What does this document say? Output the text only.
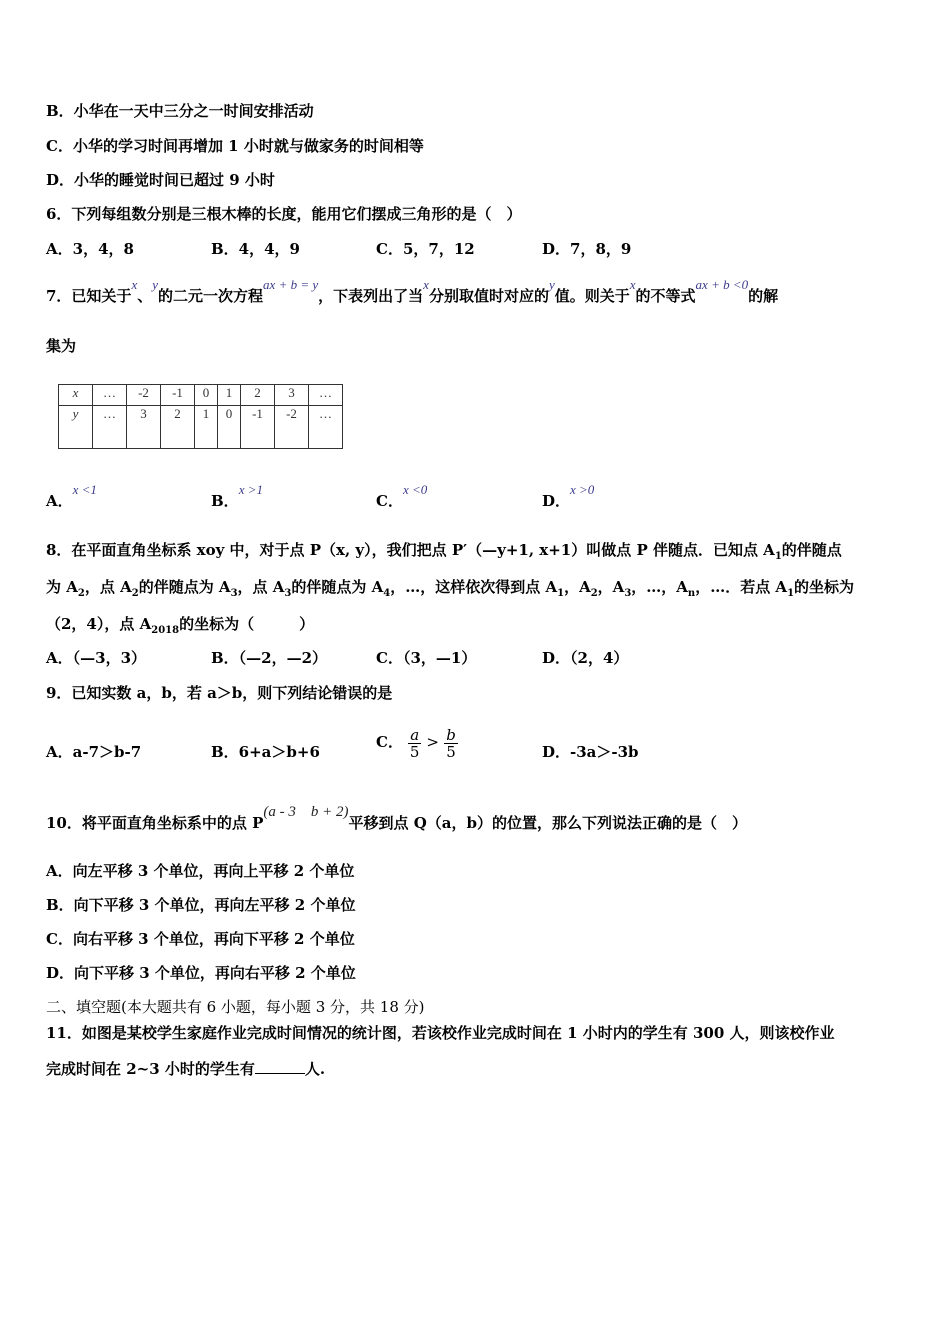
B．小华在一天中三分之一时间安排活动
C．小华的学习时间再增加 1 小时就与做家务的时间相等
D．小华的睡觉时间已超过 9 小时
6．下列每组数分别是三根木棒的长度，能用它们摆成三角形的是（　）
A．3，4，8	B．4，4，9	C．5，7，12	D．7，8，9
7．已知关于x、y的二元一次方程ax + b = y，下表列出了当x分别取值时对应的y值。则关于x的不等式ax + b <0的解
集为
x	…	-2	-1	0	1	2	3	…
y	…	3	2	1	0	-1	-2	…
A．x <1
B．x >1
C．x <0
D．x >0
8．在平面直角坐标系 xoy 中，对于点 P（x, y），我们把点 P′（—y+1, x+1）叫做点 P 伴随点．已知点 $A_1$的伴随点
为 $A_2$，点 $A_2$的伴随点为 $A_3$，点 $A_3$的伴随点为 $A_4$，…，这样依次得到点 $A_1$，$A_2$，$A_3$，…，$A_n$，…．若点 $A_1$的坐标为
（2，4），点 $A_{2018}$的坐标为（　　　）
A．（—3，3）	B．（—2，—2）	C．（3，—1）	D．（2，4）
9．已知实数 a，b，若 a＞b，则下列结论错误的是
A．a-7＞b-7	B．6+a＞b+6
C． $\frac{a}{5} > \frac{b}{5}$	D．-3a＞-3b
10．将平面直角坐标系中的点 P(a - 3　b + 2)平移到点 Q（a，b）的位置，那么下列说法正确的是（　）
A．向左平移 3 个单位，再向上平移 2 个单位
B．向下平移 3 个单位，再向左平移 2 个单位
C．向右平移 3 个单位，再向下平移 2 个单位
D．向下平移 3 个单位，再向右平移 2 个单位
二、填空题(本大题共有 6 小题，每小题 3 分，共 18 分)
11．如图是某校学生家庭作业完成时间情况的统计图，若该校作业完成时间在 1 小时内的学生有 300 人，则该校作业
完成时间在 2~3 小时的学生有	人.
